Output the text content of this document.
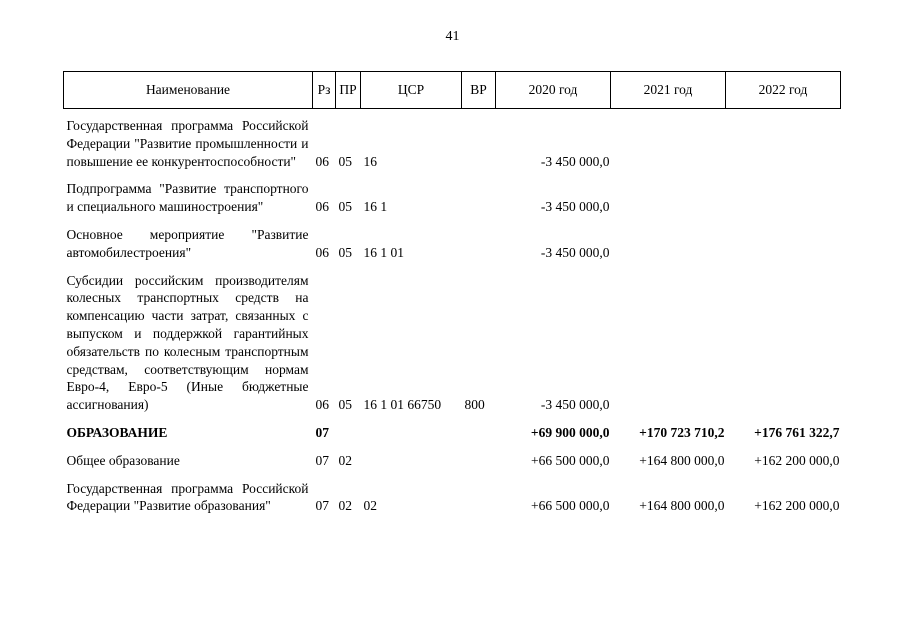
41
Наименование	Рз	ПР	ЦСР	ВР	2020 год	2021 год	2022 год
Государственная программа Российской Федерации "Развитие промышленности и повышение ее конкурентоспособности"	06	05	16		-3 450 000,0		
Подпрограмма "Развитие транспортного и специального машиностроения"	06	05	16 1		-3 450 000,0		
Основное мероприятие "Развитие автомобилестроения"	06	05	16 1 01		-3 450 000,0		
Субсидии российским производителям колесных транспортных средств на компенсацию части затрат, связанных с выпуском и поддержкой гарантийных обязательств по колесным транспортным средствам, соответствующим нормам Евро-4, Евро-5 (Иные бюджетные ассигнования)	06	05	16 1 01 66750	800	-3 450 000,0		
ОБРАЗОВАНИЕ	07				+69 900 000,0	+170 723 710,2	+176 761 322,7
Общее образование	07	02			+66 500 000,0	+164 800 000,0	+162 200 000,0
Государственная программа Российской Федерации "Развитие образования"	07	02	02		+66 500 000,0	+164 800 000,0	+162 200 000,0
